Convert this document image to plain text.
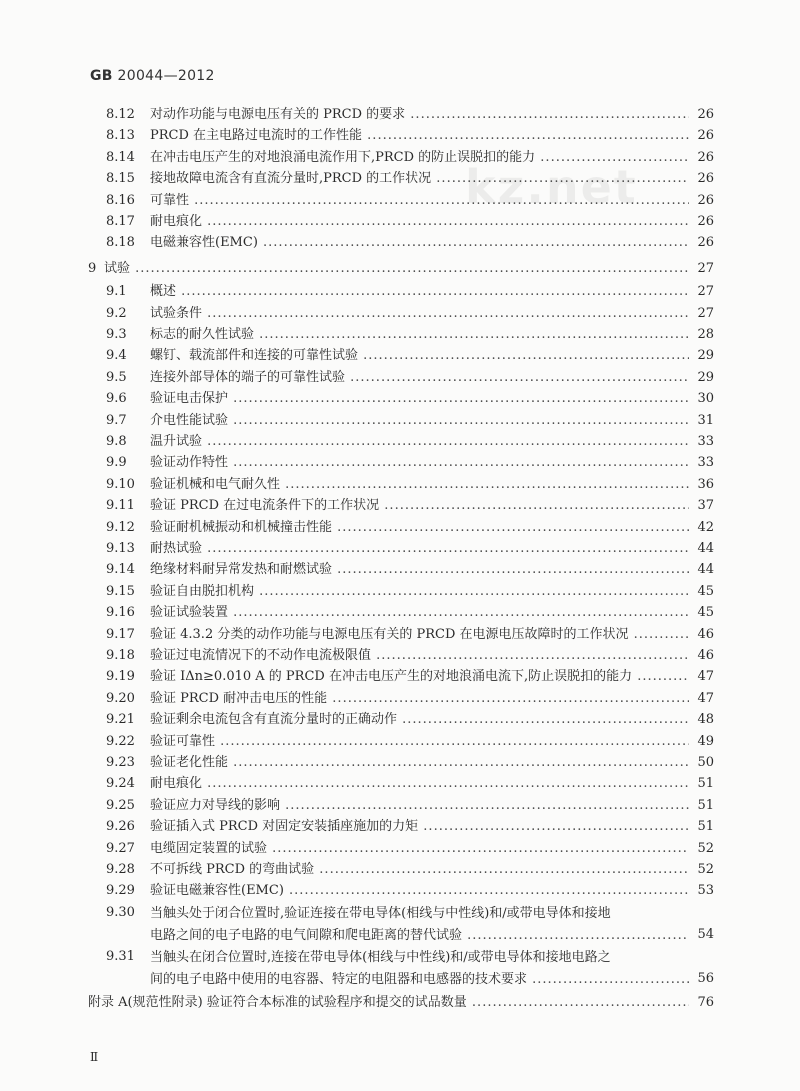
GB 20044—2012
kz.net
8.12	对动作功能与电源电压有关的 PRCD 的要求 .....	26
8.13	PRCD 在主电路过电流时的工作性能 .....	26
8.14	在冲击电压产生的对地浪涌电流作用下,PRCD 的防止误脱扣的能力 .....	26
8.15	接地故障电流含有直流分量时,PRCD 的工作状况 .....	26
8.16	可靠性 .....	26
8.17	耐电痕化 .....	26
8.18	电磁兼容性(EMC) .....	26
9 试验 .....	27
9.1	概述 .....	27
9.2	试验条件 .....	27
9.3	标志的耐久性试验 .....	28
9.4	螺钉、载流部件和连接的可靠性试验 .....	29
9.5	连接外部导体的端子的可靠性试验 .....	29
9.6	验证电击保护 .....	30
9.7	介电性能试验 .....	31
9.8	温升试验 .....	33
9.9	验证动作特性 .....	33
9.10	验证机械和电气耐久性 .....	36
9.11	验证 PRCD 在过电流条件下的工作状况 .....	37
9.12	验证耐机械振动和机械撞击性能 .....	42
9.13	耐热试验 .....	44
9.14	绝缘材料耐异常发热和耐燃试验 .....	44
9.15	验证自由脱扣机构 .....	45
9.16	验证试验装置 .....	45
9.17	验证 4.3.2 分类的动作功能与电源电压有关的 PRCD 在电源电压故障时的工作状况 .....	46
9.18	验证过电流情况下的不动作电流极限值 .....	46
9.19	验证 IΔn≥0.010 A 的 PRCD 在冲击电压产生的对地浪涌电流下,防止误脱扣的能力 .....	47
9.20	验证 PRCD 耐冲击电压的性能 .....	47
9.21	验证剩余电流包含有直流分量时的正确动作 .....	48
9.22	验证可靠性 .....	49
9.23	验证老化性能 .....	50
9.24	耐电痕化 .....	51
9.25	验证应力对导线的影响 .....	51
9.26	验证插入式 PRCD 对固定安装插座施加的力矩 .....	51
9.27	电缆固定装置的试验 .....	52
9.28	不可拆线 PRCD 的弯曲试验 .....	52
9.29	验证电磁兼容性(EMC) .....	53
9.30	当触头处于闭合位置时,验证连接在带电导体(相线与中性线)和/或带电导体和接地
电路之间的电子电路的电气间隙和爬电距离的替代试验 .....	54
9.31	当触头在闭合位置时,连接在带电导体(相线与中性线)和/或带电导体和接地电路之
间的电子电路中使用的电容器、特定的电阻器和电感器的技术要求 .....	56
附录 A(规范性附录) 验证符合本标准的试验程序和提交的试品数量 .....	76
Ⅱ
